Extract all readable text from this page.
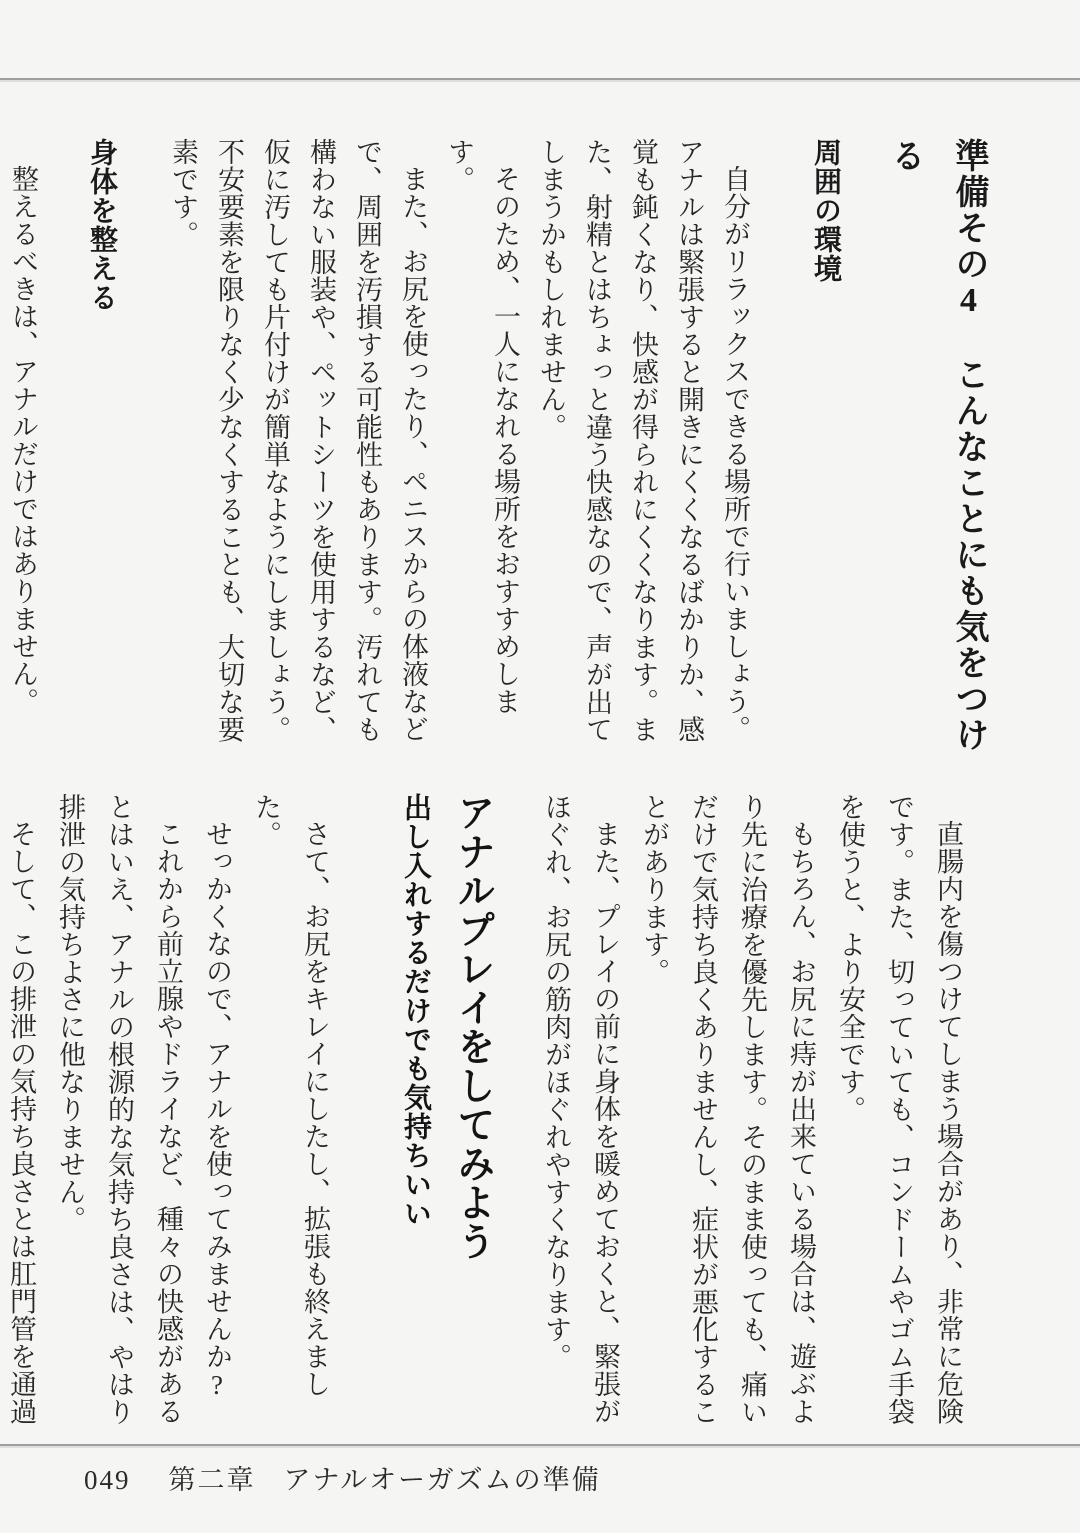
準備その4　こんなことにも気をつける
周囲の環境

自分がリラックスできる場所で行いましょう。アナルは緊張すると開きにくくなるばかりか、感覚も鈍くなり、快感が得られにくくなります。また、射精とはちょっと違う快感なので、声が出てしまうかもしれません。

そのため、一人になれる場所をおすすめします。

また、お尻を使ったり、ペニスからの体液などで、周囲を汚損する可能性もあります。汚れても構わない服装や、ペットシーツを使用するなど、仮に汚しても片付けが簡単なようにしましょう。不安要素を限りなく少なくすることも、大切な要素です。

身体を整える

整えるべきは、アナルだけではありません。

直腸内を傷つけてしまう場合があり、非常に危険です。また、切っていても、コンドームやゴム手袋を使うと、より安全です。

もちろん、お尻に痔が出来ている場合は、遊ぶより先に治療を優先します。そのまま使っても、痛いだけで気持ち良くありませんし、症状が悪化することがあります。

また、プレイの前に身体を暖めておくと、緊張がほぐれ、お尻の筋肉がほぐれやすくなります。

アナルプレイをしてみよう
出し入れするだけでも気持ちいい

さて、お尻をキレイにしたし、拡張も終えました。

せっかくなので、アナルを使ってみませんか?

これから前立腺やドライなど、種々の快感があるとはいえ、アナルの根源的な気持ち良さは、やはり排泄の気持ちよさに他なりません。

そして、この排泄の気持ち良さとは肛門管を通過

049 第二章 アナルオーガズムの準備
